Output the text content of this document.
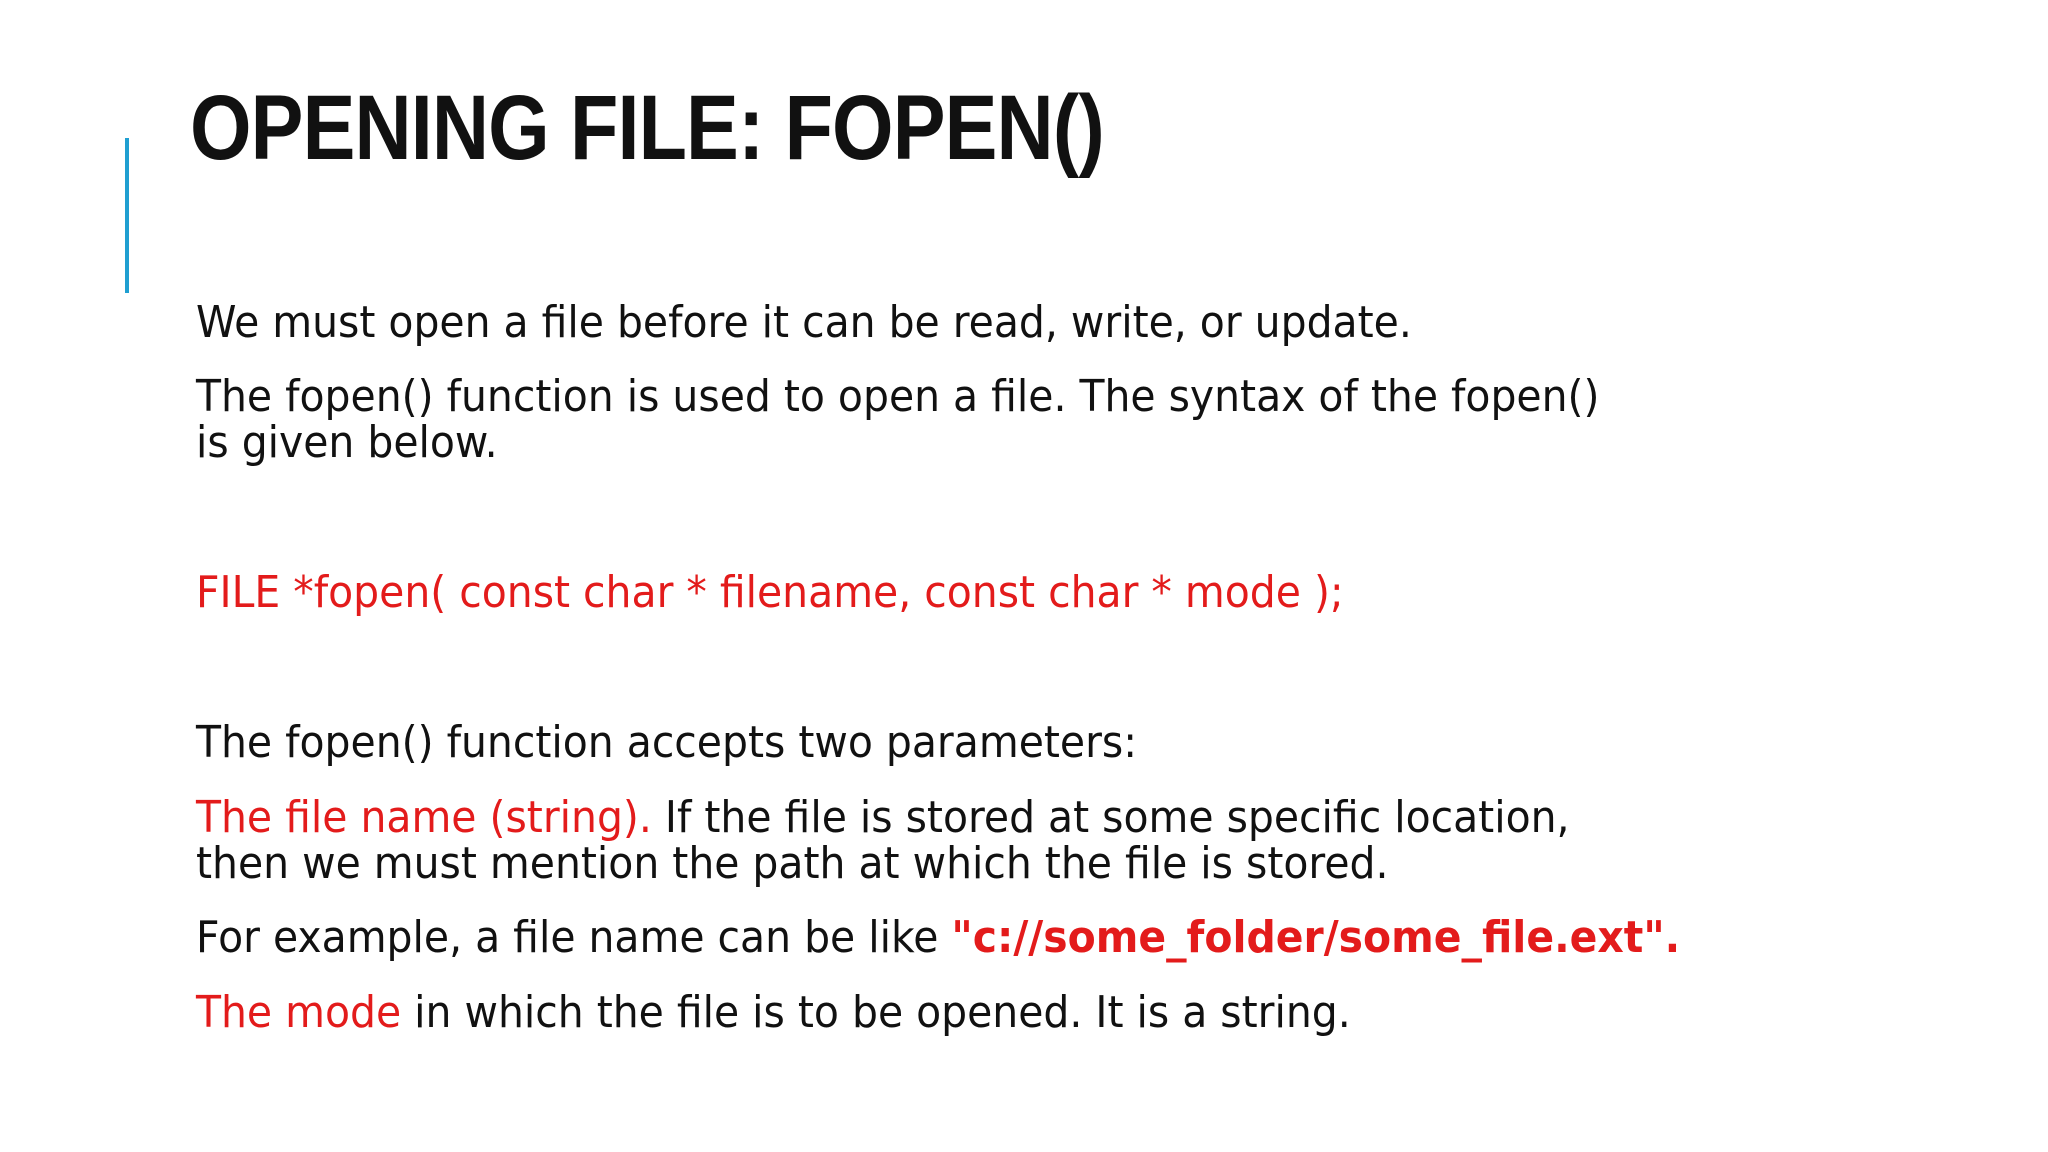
OPENING FILE: FOPEN()

We must open a file before it can be read, write, or update.

The fopen() function is used to open a file. The syntax of the fopen()

is given below.

FILE *fopen( const char * filename, const char * mode );

The fopen() function accepts two parameters:

The file name (string). If the file is stored at some specific location,

then we must mention the path at which the file is stored.

For example, a file name can be like "c://some_folder/some_file.ext".

The mode in which the file is to be opened. It is a string.
